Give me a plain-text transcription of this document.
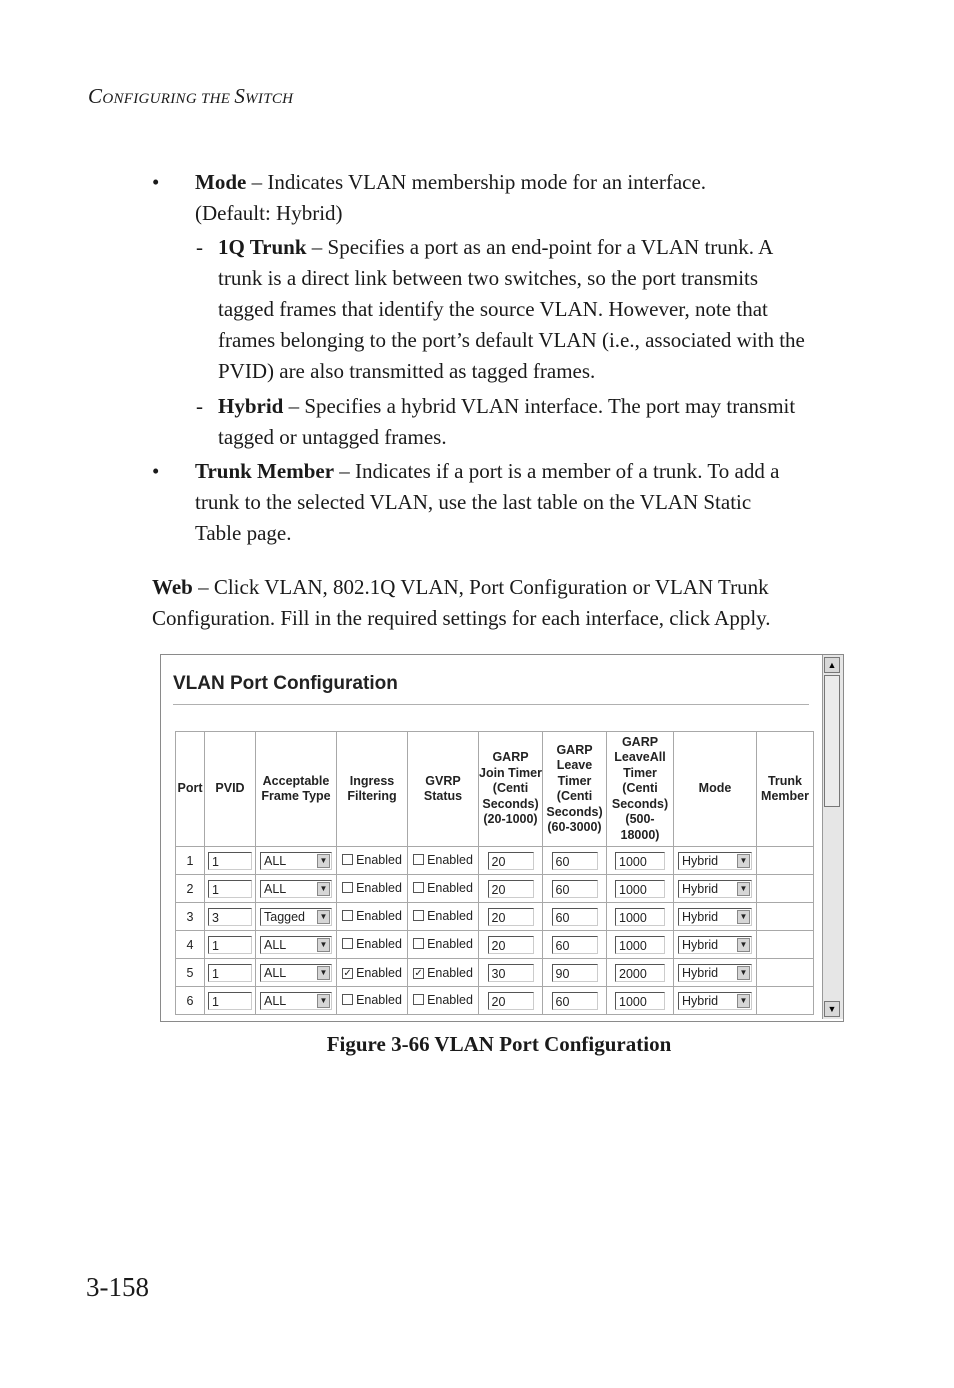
CONFIGURING THE SWITCH
• Mode – Indicates VLAN membership mode for an interface.
(Default: Hybrid)
- 1Q Trunk – Specifies a port as an end-point for a VLAN trunk. A
trunk is a direct link between two switches, so the port transmits
tagged frames that identify the source VLAN. However, note that
frames belonging to the port’s default VLAN (i.e., associated with the
PVID) are also transmitted as tagged frames.
- Hybrid – Specifies a hybrid VLAN interface. The port may transmit
tagged or untagged frames.
• Trunk Member – Indicates if a port is a member of a trunk. To add a
trunk to the selected VLAN, use the last table on the VLAN Static
Table page.
Web – Click VLAN, 802.1Q VLAN, Port Configuration or VLAN Trunk
Configuration. Fill in the required settings for each interface, click Apply.
VLAN Port Configuration
Port	PVID	Acceptable Frame Type	Ingress Filtering	GVRP Status	GARP Join Timer (Centi Seconds) (20-1000)	GARP Leave Timer (Centi Seconds) (60-3000)	GARP LeaveAll Timer (Centi Seconds) (500-18000)	Mode	Trunk Member
1	1	ALL ▼	Enabled	Enabled	20	60	1000	Hybrid ▼	

2	1	ALL ▼	Enabled	Enabled	20	60	1000	Hybrid ▼	

3	3	Tagged ▼	Enabled	Enabled	20	60	1000	Hybrid ▼	

4	1	ALL ▼	Enabled	Enabled	20	60	1000	Hybrid ▼	

5	1	ALL ▼	✓ Enabled	✓ Enabled	30	90	2000	Hybrid ▼	

6	1	ALL ▼	Enabled	Enabled	20	60	1000	Hybrid ▼	

▲
▼
Figure 3-66 VLAN Port Configuration
3-158
